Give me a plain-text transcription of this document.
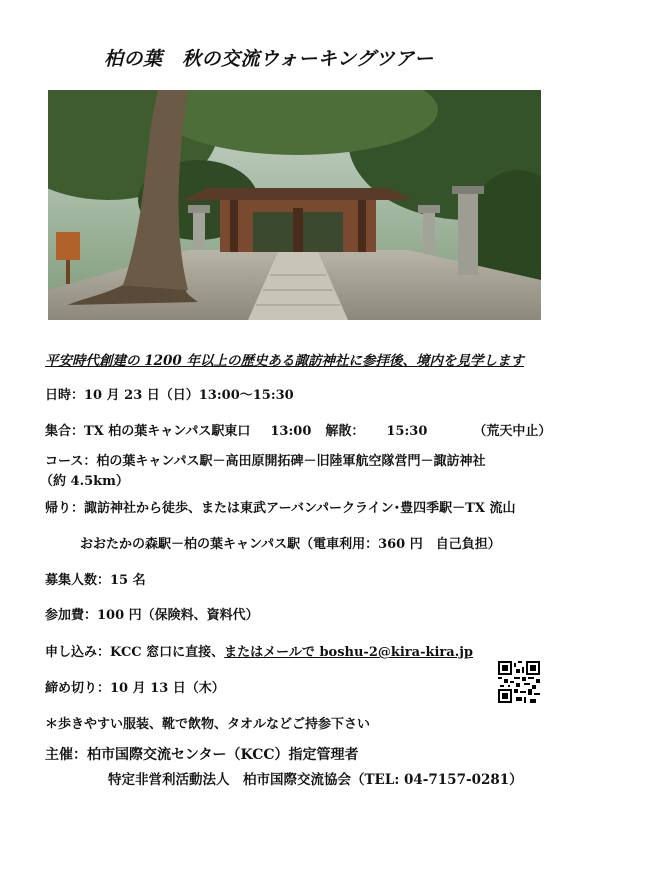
柏の葉　秋の交流ウォーキングツアー
平安時代創建の 1200 年以上の歴史ある諏訪神社に参拝後、境内を見学します
日時：10 月 23 日（日）13:00～15:30
集合：TX 柏の葉キャンパス駅東口 13:00 解散： 15:30	（荒天中止）
コース：柏の葉キャンパス駅－高田原開拓碑－旧陸軍航空隊営門－諏訪神社
（約 4.5km）
帰り：諏訪神社から徒歩、または東武アーバンパークライン･豊四季駅－TX 流山
おおたかの森駅－柏の葉キャンパス駅（電車利用：360 円　自己負担）
募集人数：15 名
参加費：100 円（保険料、資料代）
申し込み：KCC 窓口に直接、またはメールで boshu-2@kira-kira.jp
締め切り：10 月 13 日（木）
＊歩きやすい服装、靴で飲物、タオルなどご持参下さい
主催：柏市国際交流センター（KCC）指定管理者
特定非営利活動法人　柏市国際交流協会（TEL: 04-7157-0281）
